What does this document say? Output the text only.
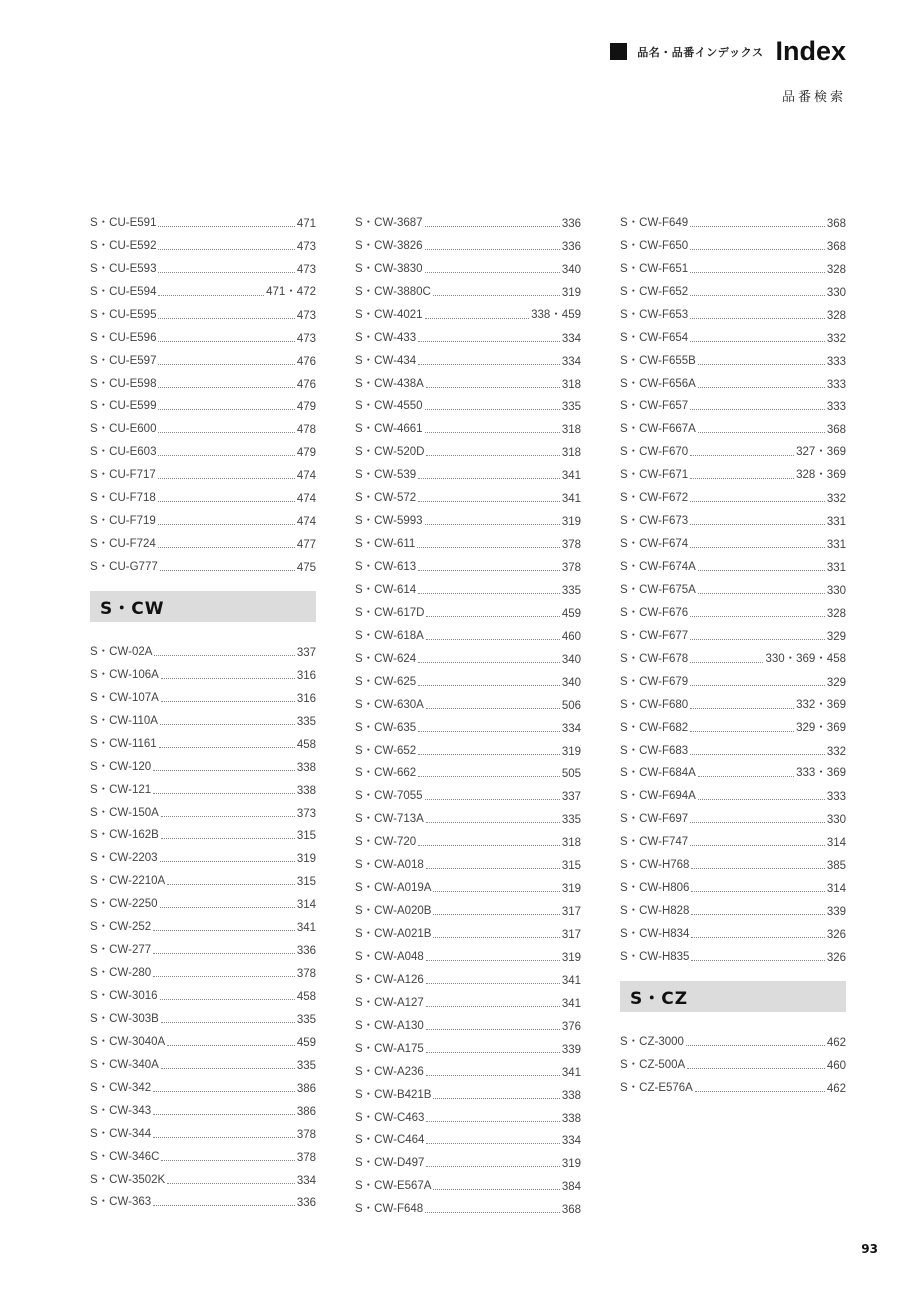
品名・品番インデックス Index
品番検索
S・CU-E591	471
S・CU-E592	473
S・CU-E593	473
S・CU-E594	471・472
S・CU-E595	473
S・CU-E596	473
S・CU-E597	476
S・CU-E598	476
S・CU-E599	479
S・CU-E600	478
S・CU-E603	479
S・CU-F717	474
S・CU-F718	474
S・CU-F719	474
S・CU-F724	477
S・CU-G777	475
S・CW
S・CW-02A	337
S・CW-106A	316
S・CW-107A	316
S・CW-110A	335
S・CW-1161	458
S・CW-120	338
S・CW-121	338
S・CW-150A	373
S・CW-162B	315
S・CW-2203	319
S・CW-2210A	315
S・CW-2250	314
S・CW-252	341
S・CW-277	336
S・CW-280	378
S・CW-3016	458
S・CW-303B	335
S・CW-3040A	459
S・CW-340A	335
S・CW-342	386
S・CW-343	386
S・CW-344	378
S・CW-346C	378
S・CW-3502K	334
S・CW-363	336
S・CW-3687	336
S・CW-3826	336
S・CW-3830	340
S・CW-3880C	319
S・CW-4021	338・459
S・CW-433	334
S・CW-434	334
S・CW-438A	318
S・CW-4550	335
S・CW-4661	318
S・CW-520D	318
S・CW-539	341
S・CW-572	341
S・CW-5993	319
S・CW-611	378
S・CW-613	378
S・CW-614	335
S・CW-617D	459
S・CW-618A	460
S・CW-624	340
S・CW-625	340
S・CW-630A	506
S・CW-635	334
S・CW-652	319
S・CW-662	505
S・CW-7055	337
S・CW-713A	335
S・CW-720	318
S・CW-A018	315
S・CW-A019A	319
S・CW-A020B	317
S・CW-A021B	317
S・CW-A048	319
S・CW-A126	341
S・CW-A127	341
S・CW-A130	376
S・CW-A175	339
S・CW-A236	341
S・CW-B421B	338
S・CW-C463	338
S・CW-C464	334
S・CW-D497	319
S・CW-E567A	384
S・CW-F648	368
S・CW-F649	368
S・CW-F650	368
S・CW-F651	328
S・CW-F652	330
S・CW-F653	328
S・CW-F654	332
S・CW-F655B	333
S・CW-F656A	333
S・CW-F657	333
S・CW-F667A	368
S・CW-F670	327・369
S・CW-F671	328・369
S・CW-F672	332
S・CW-F673	331
S・CW-F674	331
S・CW-F674A	331
S・CW-F675A	330
S・CW-F676	328
S・CW-F677	329
S・CW-F678	330・369・458
S・CW-F679	329
S・CW-F680	332・369
S・CW-F682	329・369
S・CW-F683	332
S・CW-F684A	333・369
S・CW-F694A	333
S・CW-F697	330
S・CW-F747	314
S・CW-H768	385
S・CW-H806	314
S・CW-H828	339
S・CW-H834	326
S・CW-H835	326
S・CZ
S・CZ-3000	462
S・CZ-500A	460
S・CZ-E576A	462
93
